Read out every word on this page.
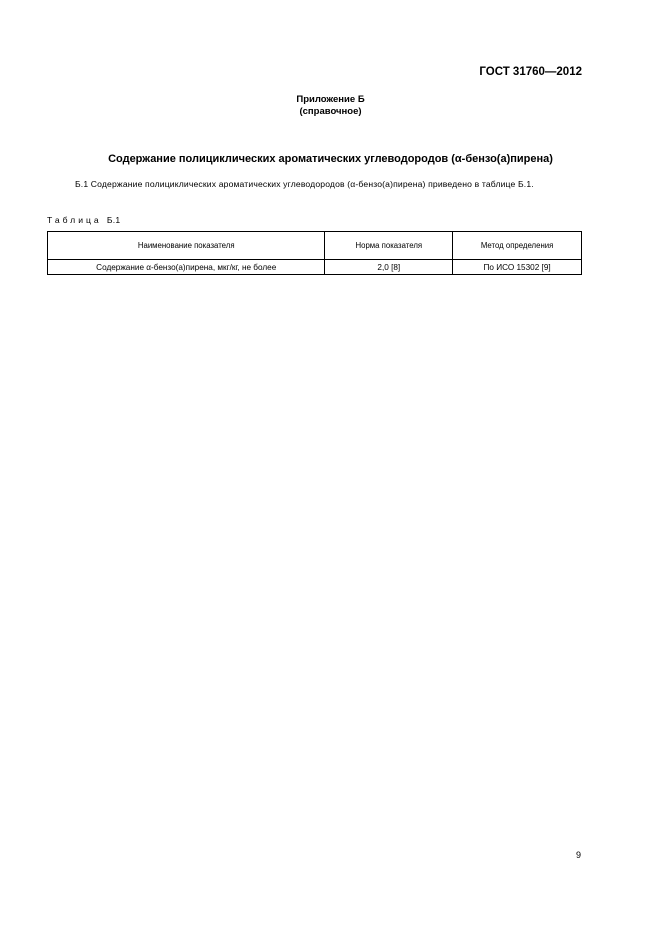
ГОСТ 31760—2012
Приложение Б
(справочное)
Содержание полициклических ароматических углеводородов (α-бензо(а)пирена)
Б.1 Содержание полициклических ароматических углеводородов (α-бензо(а)пирена) приведено в таблице Б.1.
Таблица Б.1
Наименование показателя	Норма показателя	Метод определения
Содержание α-бензо(а)пирена, мкг/кг, не более	2,0 [8]	По ИСО 15302 [9]
9
